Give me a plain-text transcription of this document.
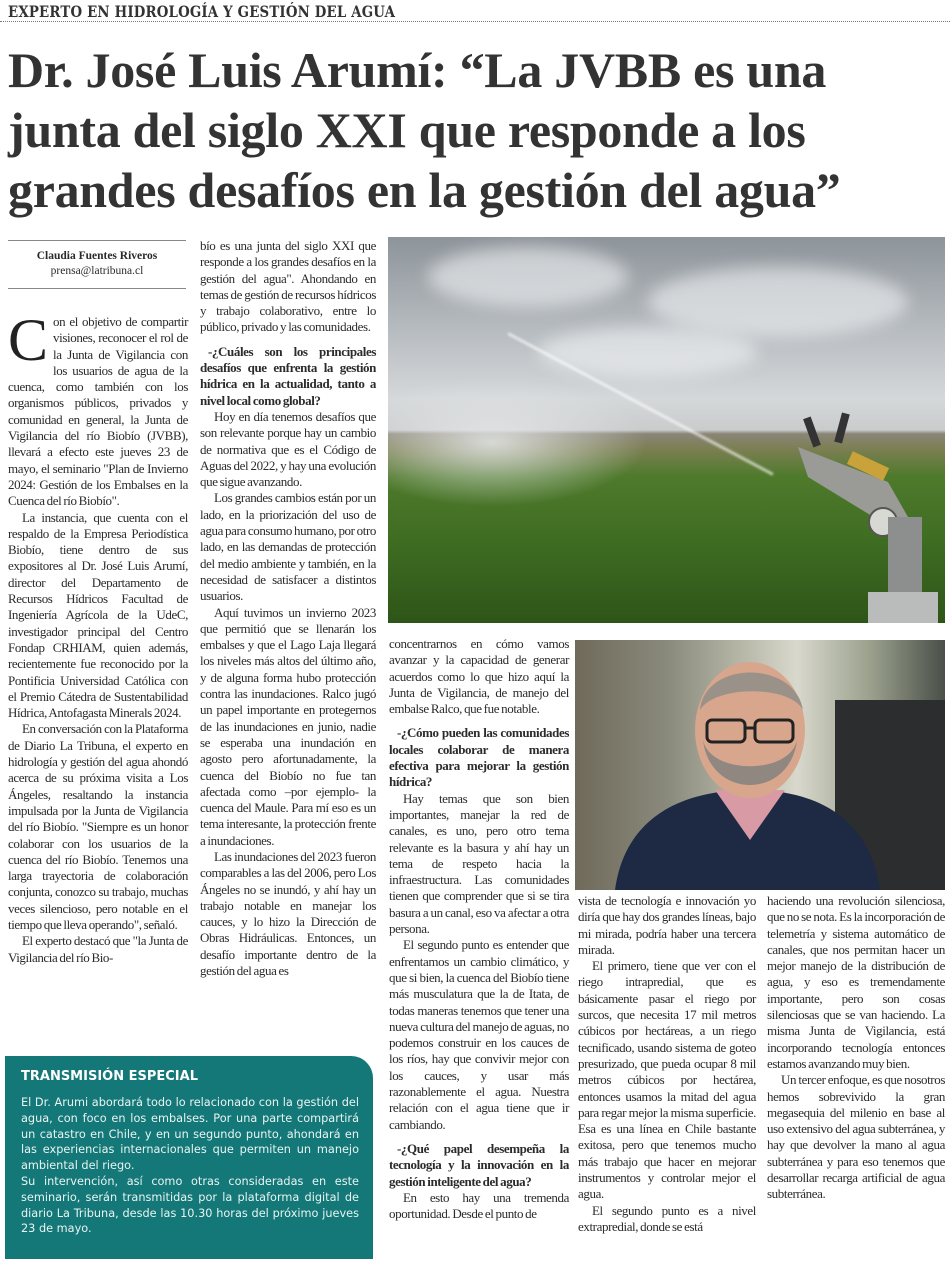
EXPERTO EN HIDROLOGÍA Y GESTIÓN DEL AGUA
Dr. José Luis Arumí: “La JVBB es una junta del siglo XXI que responde a los grandes desafíos en la gestión del agua”
Claudia Fuentes Riveros
prensa@latribuna.cl

Con el objetivo de compartir visiones, reconocer el rol de la Junta de Vigilancia con los usuarios de agua de la cuenca, como también con los organismos públicos, privados y comunidad en general, la Junta de Vigilancia del río Biobío (JVBB), llevará a efecto este jueves 23 de mayo, el seminario "Plan de Invierno 2024: Gestión de los Embalses en la Cuenca del río Biobío".

La instancia, que cuenta con el respaldo de la Empresa Periodística Biobío, tiene dentro de sus expositores al Dr. José Luis Arumí, director del Departamento de Recursos Hídricos Facultad de Ingeniería Agrícola de la UdeC, investigador principal del Centro Fondap CRHIAM, quien además, recientemente fue reconocido por la Pontificia Universidad Católica con el Premio Cátedra de Sustentabilidad Hídrica, Antofagasta Minerals 2024.

En conversación con la Plataforma de Diario La Tribuna, el experto en hidrología y gestión del agua ahondó acerca de su próxima visita a Los Ángeles, resaltando la instancia impulsada por la Junta de Vigilancia del río Biobío. "Siempre es un honor colaborar con los usuarios de la cuenca del río Biobío. Tenemos una larga trayectoria de colaboración conjunta, conozco su trabajo, muchas veces silencioso, pero notable en el tiempo que lleva operando", señaló.

El experto destacó que "la Junta de Vigilancia del río Bio-

bío es una junta del siglo XXI que responde a los grandes desafíos en la gestión del agua". Ahondando en temas de gestión de recursos hídricos y trabajo colaborativo, entre lo público, privado y las comunidades.

-¿Cuáles son los principales desafíos que enfrenta la gestión hídrica en la actualidad, tanto a nivel local como global?

Hoy en día tenemos desafíos que son relevante porque hay un cambio de normativa que es el Código de Aguas del 2022, y hay una evolución que sigue avanzando.

Los grandes cambios están por un lado, en la priorización del uso de agua para consumo humano, por otro lado, en las demandas de protección del medio ambiente y también, en la necesidad de satisfacer a distintos usuarios.

Aquí tuvimos un invierno 2023 que permitió que se llenarán los embalses y que el Lago Laja llegará los niveles más altos del último año, y de alguna forma hubo protección contra las inundaciones. Ralco jugó un papel importante en protegernos de las inundaciones en junio, nadie se esperaba una inundación en agosto pero afortunadamente, la cuenca del Biobío no fue tan afectada como –por ejemplo- la cuenca del Maule. Para mí eso es un tema interesante, la protección frente a inundaciones.

Las inundaciones del 2023 fueron comparables a las del 2006, pero Los Ángeles no se inundó, y ahí hay un trabajo notable en manejar los cauces, y lo hizo la Dirección de Obras Hidráulicas. Entonces, un desafío importante dentro de la gestión del agua es

concentrarnos en cómo vamos avanzar y la capacidad de generar acuerdos como lo que hizo aquí la Junta de Vigilancia, de manejo del embalse Ralco, que fue notable.

-¿Cómo pueden las comunidades locales colaborar de manera efectiva para mejorar la gestión hídrica?

Hay temas que son bien importantes, manejar la red de canales, es uno, pero otro tema relevante es la basura y ahí hay un tema de respeto hacia la infraestructura. Las comunidades tienen que comprender que si se tira basura a un canal, eso va afectar a otra persona.

El segundo punto es entender que enfrentamos un cambio climático, y que si bien, la cuenca del Biobío tiene más musculatura que la de Itata, de todas maneras tenemos que tener una nueva cultura del manejo de aguas, no podemos construir en los cauces de los ríos, hay que convivir mejor con los cauces, y usar más razonablemente el agua. Nuestra relación con el agua tiene que ir cambiando.

-¿Qué papel desempeña la tecnología y la innovación en la gestión inteligente del agua?

En esto hay una tremenda oportunidad. Desde el punto de

vista de tecnología e innovación yo diría que hay dos grandes líneas, bajo mi mirada, podría haber una tercera mirada.

El primero, tiene que ver con el riego intrapredial, que es básicamente pasar el riego por surcos, que necesita 17 mil metros cúbicos por hectáreas, a un riego tecnificado, usando sistema de goteo presurizado, que pueda ocupar 8 mil metros cúbicos por hectárea, entonces usamos la mitad del agua para regar mejor la misma superficie. Esa es una línea en Chile bastante exitosa, pero que tenemos mucho más trabajo que hacer en mejorar instrumentos y controlar mejor el agua.

El segundo punto es a nivel extrapredial, donde se está

haciendo una revolución silenciosa, que no se nota. Es la incorporación de telemetría y sistema automático de canales, que nos permitan hacer un mejor manejo de la distribución de agua, y eso es tremendamente importante, pero son cosas silenciosas que se van haciendo. La misma Junta de Vigilancia, está incorporando tecnología entonces estamos avanzando muy bien.

Un tercer enfoque, es que nosotros hemos sobrevivido la gran megasequia del milenio en base al uso extensivo del agua subterránea, y hay que devolver la mano al agua subterránea y para eso tenemos que desarrollar recarga artificial de agua subterránea.

TRANSMISIÓN ESPECIAL

El Dr. Arumi abordará todo lo relacionado con la gestión del agua, con foco en los embalses. Por una parte compartirá un catastro en Chile, y en un segundo punto, ahondará en las experiencias internacionales que permiten un manejo ambiental del riego.

Su intervención, así como otras consideradas en este seminario, serán transmitidas por la plataforma digital de diario La Tribuna, desde las 10.30 horas del próximo jueves 23 de mayo.
